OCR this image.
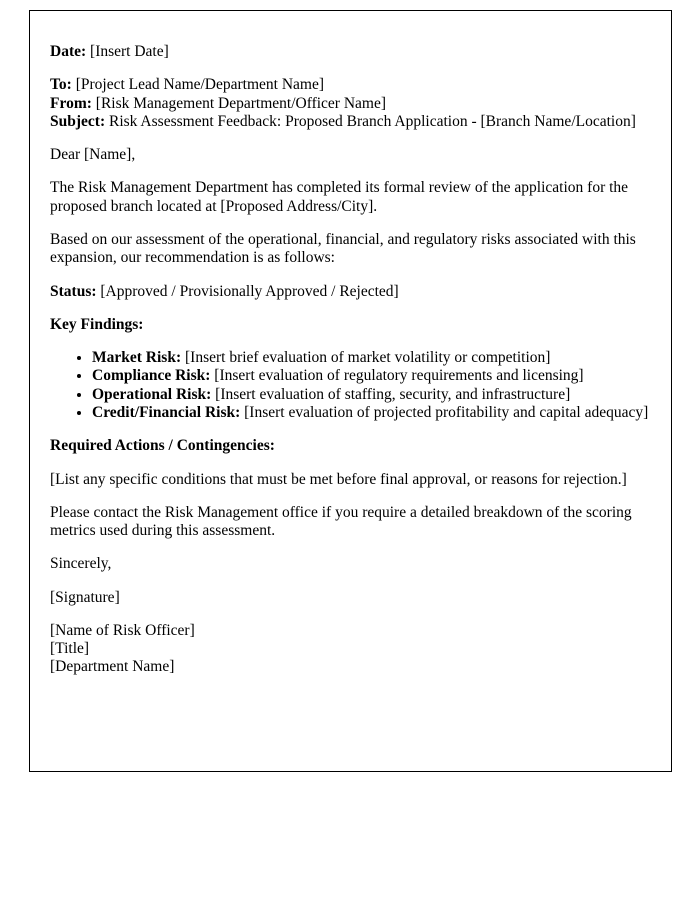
Date: [Insert Date]

To: [Project Lead Name/Department Name]

From: [Risk Management Department/Officer Name]

Subject: Risk Assessment Feedback: Proposed Branch Application - [Branch Name/Location]

Dear [Name],

The Risk Management Department has completed its formal review of the application for the proposed branch located at [Proposed Address/City].

Based on our assessment of the operational, financial, and regulatory risks associated with this expansion, our recommendation is as follows:

Status: [Approved / Provisionally Approved / Rejected]

Key Findings:

• Market Risk: [Insert brief evaluation of market volatility or competition]
• Compliance Risk: [Insert evaluation of regulatory requirements and licensing]
• Operational Risk: [Insert evaluation of staffing, security, and infrastructure]
• Credit/Financial Risk: [Insert evaluation of projected profitability and capital adequacy]

Required Actions / Contingencies:

[List any specific conditions that must be met before final approval, or reasons for rejection.]

Please contact the Risk Management office if you require a detailed breakdown of the scoring metrics used during this assessment.

Sincerely,

[Signature]

[Name of Risk Officer]

[Title]

[Department Name]
